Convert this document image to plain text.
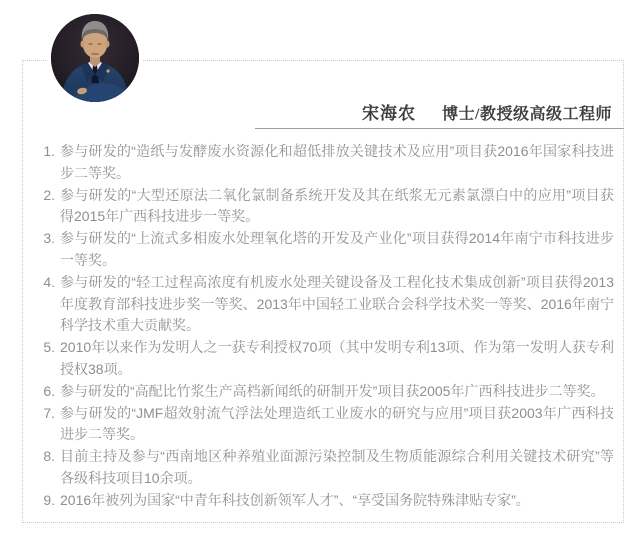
宋海农 博士/教授级高级工程师
1. 参与研发的“造纸与发酵废水资源化和超低排放关键技术及应用”项目获2016年国家科技进步二等奖。
2. 参与研发的“大型还原法二氧化氯制备系统开发及其在纸浆无元素氯漂白中的应用”项目获得2015年广西科技进步一等奖。
3. 参与研发的“上流式多相废水处理氧化塔的开发及产业化”项目获得2014年南宁市科技进步一等奖。
4. 参与研发的“轻工过程高浓度有机废水处理关键设备及工程化技术集成创新”项目获得2013年度教育部科技进步奖一等奖、2013年中国轻工业联合会科学技术奖一等奖、2016年南宁科学技术重大贡献奖。
5. 2010年以来作为发明人之一获专利授权70项（其中发明专利13项、作为第一发明人获专利授权38项。
6. 参与研发的“高配比竹浆生产高档新闻纸的研制开发”项目获2005年广西科技进步二等奖。
7. 参与研发的“JMF超效射流气浮法处理造纸工业废水的研究与应用”项目获2003年广西科技进步二等奖。
8. 目前主持及参与“西南地区种养殖业面源污染控制及生物质能源综合利用关键技术研究”等各级科技项目10余项。
9. 2016年被列为国家“中青年科技创新领军人才”、“享受国务院特殊津贴专家”。
